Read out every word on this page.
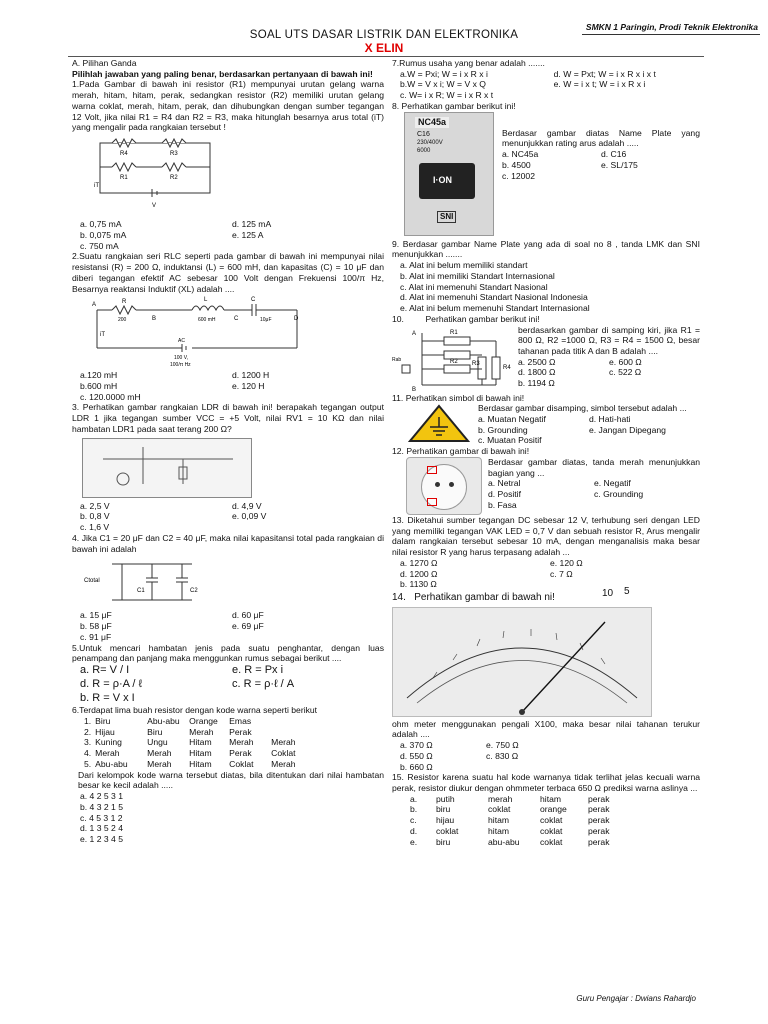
SMKN 1 Paringin, Prodi Teknik Elektronika
SOAL UTS DASAR LISTRIK DAN ELEKTRONIKA
X ELIN

A. Pilihan Ganda

Pilihlah jawaban yang paling benar, berdasarkan pertanyaan di bawah ini!

1.Pada Gambar di bawah ini resistor (R1) mempunyai urutan gelang warna merah, hitam, hitam, perak, sedangkan resistor (R2) memiliki urutan gelang warna coklat, merah, hitam, perak, dan dihubungkan dengan sumber tegangan 12 Volt, jika nilai R1 = R4 dan R2 = R3, maka hitunglah besarnya arus total (iT) yang mengalir pada rangkaian tersebut !

R4	R3
R1	R2
iT
V
a. 0,75 mA	d. 125 mA
b. 0,075 mA	e. 125 A
c. 750 mA

2.Suatu rangkaian seri RLC seperti pada gambar di bawah ini mempunyai nilai resistansi (R) = 200 Ω, induktansi (L) = 600 mH, dan kapasitas (C) = 10 μF dan diberi tegangan efektif AC sebesar 100 Volt dengan Frekuensi 100/π Hz, Besarnya reaktansi Induktif (XL) adalah ....

R	L	C
A
B	C	D
200	600 mH	10μF
iT
AC
100 V,
100/π Hz
a.120 mH	d. 1200 H
b.600 mH	e. 120 H
c. 120.0000 mH

3. Perhatikan gambar rangkaian LDR di bawah ini! berapakah tegangan output LDR 1 jika tegangan sumber VCC = +5 Volt, nilai RV1 = 10 KΩ dan nilai hambatan LDR1 pada saat terang 200 Ω?

a. 2,5 V	d. 4,9 V
b. 0,8 V	e. 0,09 V
c. 1,6 V

4. Jika C1 = 20 μF dan C2 = 40 μF, maka nilai kapasitansi total pada rangkaian di bawah ini adalah

Ctotal
C1	C2
a. 15 μF	d. 60 μF
b. 58 μF	e. 69 μF
c. 91 μF

5.Untuk mencari hambatan jenis pada suatu penghantar, dengan luas penampang dan panjang maka menggunkan rumus sebagai berikut ....

a. R= V / I	e. R = Px i
d. R = ρ·A / ℓ	c. R = ρ·ℓ / A
b. R = V x I

6.Terdapat lima buah resistor dengan kode warna seperti berikut

1.	Biru	Abu-abu	Orange	Emas	
2.	Hijau	Biru	Merah	Perak	
3.	Kuning	Ungu	Hitam	Merah	Merah
4.	Merah	Merah	Hitam	Perak	Coklat
5.	Abu-abu	Merah	Hitam	Coklat	Merah

Dari kelompok kode warna tersebut diatas, bila ditentukan dari nilai hambatan besar ke kecil adalah .....

a. 4 2 5 3 1

b. 4 3 2 1 5

c. 4 5 3 1 2

d. 1 3 5 2 4

e. 1 2 3 4 5

7.Rumus usaha yang benar adalah .......

a.W = Pxi; W = i x R x i	d. W = Pxt; W = i x R x i x t
b.W = V x i; W = V x Q	e. W = i x t; W = i x R x i
c. W= i x R; W = i x R x t

8. Perhatikan gambar berikut ini!

NC45a
C16
230/400V
6000
I·ON
SNI

Berdasar gambar diatas Name Plate yang menunjukkan rating arus adalah .....

a. NC45a	d. C16
b. 4500	e. SL/175
c. 12002

9. Berdasar gambar Name Plate yang ada di soal no 8 , tanda LMK dan SNI menunjukkan .......

a. Alat ini belum memiliki standart

b. Alat ini memiliki Standart Internasional

c. Alat ini memenuhi Standart Nasional

d. Alat ini memenuhi Standart Nasional Indonesia

e. Alat ini belum memenuhi Standart Internasional

10.	Perhatikan gambar berikut ini!

A
B
R1
R2 R3
R4
Rab

berdasarkan gambar di samping kiri, jika R1 = 800 Ω, R2 =1000 Ω, R3 = R4 = 1500 Ω, besar tahanan pada titik A dan B adalah ....

a. 2500 Ω	e. 600 Ω
d. 1800 Ω	c. 522 Ω
b. 1194 Ω

11. Perhatikan simbol di bawah ini!

Berdasar gambar disamping, simbol tersebut adalah ...

a. Muatan Negatif	d. Hati-hati
b. Grounding	e. Jangan Dipegang
c. Muatan Positif

12. Perhatikan gambar di bawah ini!

Berdasar gambar diatas, tanda merah menunjukkan bagian yang ...

a. Netral	e. Negatif
d. Positif	c. Grounding
b. Fasa

13. Diketahui sumber tegangan DC sebesar 12 V, terhubung seri dengan LED yang memiliki tegangan VAK LED = 0,7 V dan sebuah resistor R, Arus mengalir dalam rangkaian tersebut sebesar 10 mA, dengan menganalisis maka besar nilai resistor R yang harus terpasang adalah ...

a. 1270 Ω	e. 120 Ω
d. 1200 Ω	c. 7 Ω
b. 1130 Ω

14. Perhatikan gambar di bawah ni!	10 5

ohm meter menggunakan pengali X100, maka besar nilai tahanan terukur adalah ....

a. 370 Ω	e. 750 Ω
d. 550 Ω	c. 830 Ω
b. 660 Ω

15. Resistor karena suatu hal kode warnanya tidak terlihat jelas kecuali warna perak, resistor diukur dengan ohmmeter terbaca 650 Ω prediksi warna aslinya ...

a.	putih	merah	hitam	perak
b.	biru	coklat	orange	perak
c.	hijau	hitam	coklat	perak
d.	coklat	hitam	coklat	perak
e.	biru	abu-abu	coklat	perak
Guru Pengajar : Dwians Rahardjo
